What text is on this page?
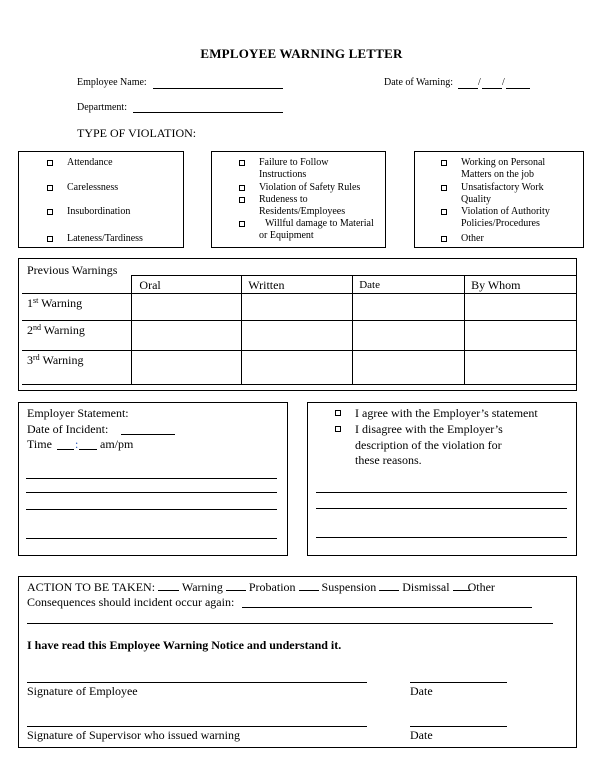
EMPLOYEE WARNING LETTER
Employee Name:	Date of Warning:	/ /
Department:
TYPE OF VIOLATION:
Attendance
Carelessness
Insubordination
Lateness/Tardiness
Failure to Follow
Instructions
Violation of Safety Rules
Rudeness to
Residents/Employees
Willful damage to Material
or Equipment
Working on Personal
Matters on the job
Unsatisfactory Work
Quality
Violation of Authority
Policies/Procedures
Other
Previous Warnings
	Oral	Written	Date	By Whom
1st Warning				
2nd Warning				
3rd Warning				
Employer Statement:
Date of Incident:
Time : am/pm
I agree with the Employer’s statement
I disagree with the Employer’s
description of the violation for
these reasons.
ACTION TO BE TAKEN: Warning Probation Suspension Dismissal Other
Consequences should incident occur again:
I have read this Employee Warning Notice and understand it.
Signature of Employee	Date
Signature of Supervisor who issued warning	Date
